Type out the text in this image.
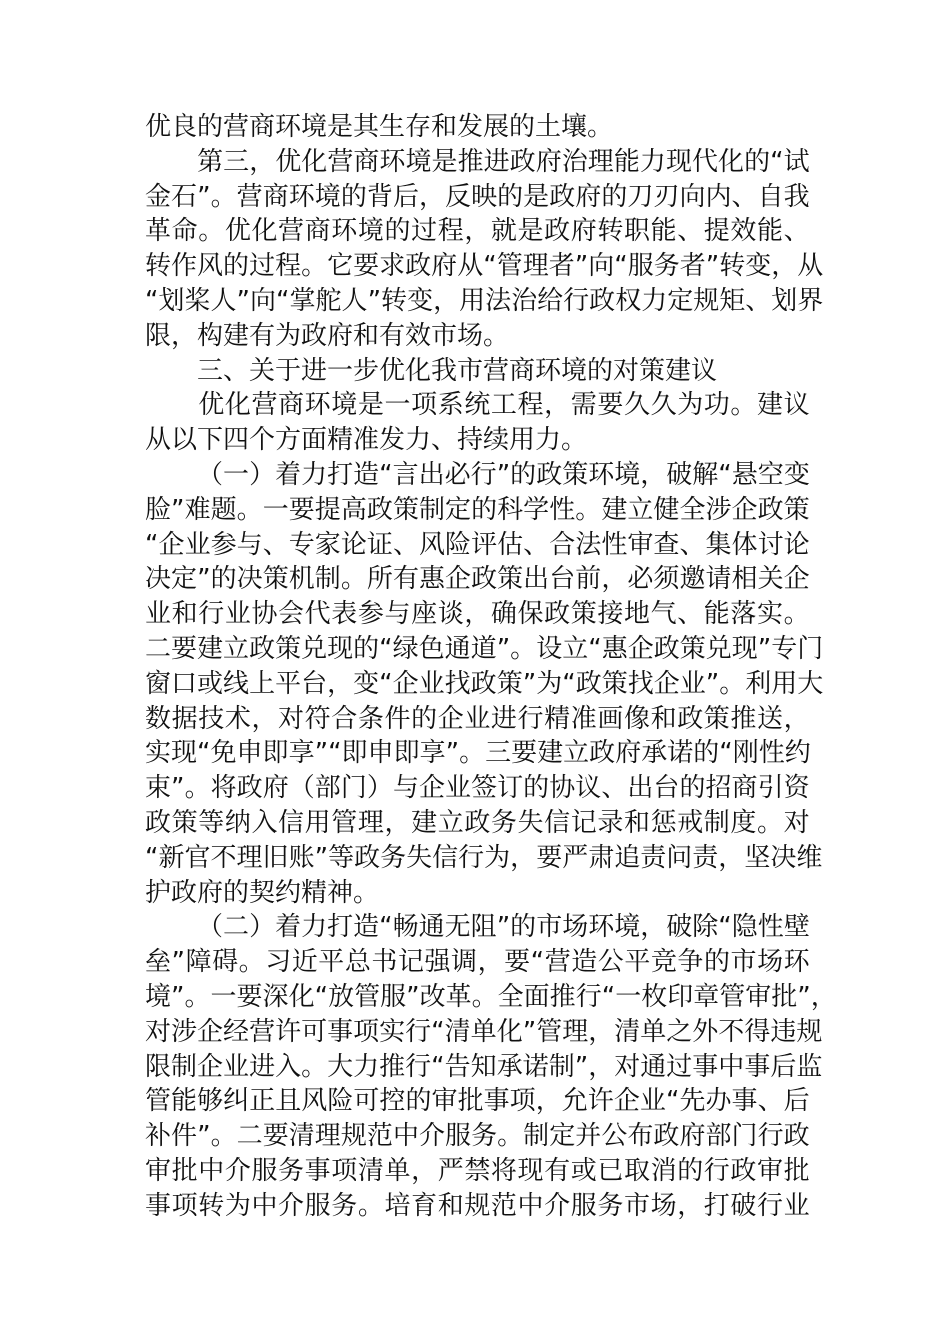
优良的营商环境是其生存和发展的土壤。

第 三 ， 优 化 营 商 环 境 是 推 进 政 府 治 理 能 力 现 代 化 的 “ 试
金 石 ” 。 营 商 环 境 的 背 后 ， 反 映 的 是 政 府 的 刀 刃 向 内 、 自 我
革 命 。 优 化 营 商 环 境 的 过 程 ， 就 是 政 府 转 职 能 、 提 效 能 、
转 作 风 的 过 程 。 它 要 求 政 府 从 “ 管 理 者 ” 向 “ 服 务 者 ” 转 变 ， 从
“ 划 桨 人 ” 向 “ 掌 舵 人 ” 转 变 ， 用 法 治 给 行 政 权 力 定 规 矩 、 划 界
限，构建有为政府和有效市场。
　　三、关于进一步优化我市营商环境的对策建议

优 化 营 商 环 境 是 一 项 系 统 工 程 ， 需 要 久 久 为 功 。 建 议
从以下四个方面精准发力、持续用力。

（ 一 ） 着 力 打 造 “ 言 出 必 行 ” 的 政 策 环 境 ， 破 解 “ 悬 空 变
脸 ” 难 题 。 一 要 提 高 政 策 制 定 的 科 学 性 。 建 立 健 全 涉 企 政 策
“ 企 业 参 与 、 专 家 论 证 、 风 险 评 估 、 合 法 性 审 查 、 集 体 讨 论
决 定 ” 的 决 策 机 制 。 所 有 惠 企 政 策 出 台 前 ， 必 须 邀 请 相 关 企
业 和 行 业 协 会 代 表 参 与 座 谈 ， 确 保 政 策 接 地 气 、 能 落 实 。
二 要 建 立 政 策 兑 现 的 “ 绿 色 通 道 ” 。 设 立 “ 惠 企 政 策 兑 现 ” 专 门
窗 口 或 线 上 平 台 ， 变 “ 企 业 找 政 策 ” 为 “ 政 策 找 企 业 ” 。 利 用 大
数 据 技 术 ， 对 符 合 条 件 的 企 业 进 行 精 准 画 像 和 政 策 推 送 ，
实 现 “ 免 申 即 享 ” “ 即 申 即 享 ” 。 三 要 建 立 政 府 承 诺 的 “ 刚 性 约
束 ” 。 将 政 府 （ 部 门 ） 与 企 业 签 订 的 协 议 、 出 台 的 招 商 引 资
政 策 等 纳 入 信 用 管 理 ， 建 立 政 务 失 信 记 录 和 惩 戒 制 度 。 对
“ 新 官 不 理 旧 账 ” 等 政 务 失 信 行 为 ， 要 严 肃 追 责 问 责 ， 坚 决 维
护政府的契约精神。

（ 二 ） 着 力 打 造 “ 畅 通 无 阻 ” 的 市 场 环 境 ， 破 除 “ 隐 性 壁
垒 ” 障 碍 。 习 近 平 总 书 记 强 调 ， 要 “ 营 造 公 平 竞 争 的 市 场 环
境 ” 。 一 要 深 化 “ 放 管 服 ” 改 革 。 全 面 推 行 “ 一 枚 印 章 管 审 批 ” ，
对 涉 企 经 营 许 可 事 项 实 行 “ 清 单 化 ” 管 理 ， 清 单 之 外 不 得 违 规
限 制 企 业 进 入 。 大 力 推 行 “ 告 知 承 诺 制 ” ， 对 通 过 事 中 事 后 监
管 能 够 纠 正 且 风 险 可 控 的 审 批 事 项 ， 允 许 企 业 “ 先 办 事 、 后
补 件 ” 。 二 要 清 理 规 范 中 介 服 务 。 制 定 并 公 布 政 府 部 门 行 政
审 批 中 介 服 务 事 项 清 单 ， 严 禁 将 现 有 或 已 取 消 的 行 政 审 批
事 项 转 为 中 介 服 务 。 培 育 和 规 范 中 介 服 务 市 场 ， 打 破 行 业
